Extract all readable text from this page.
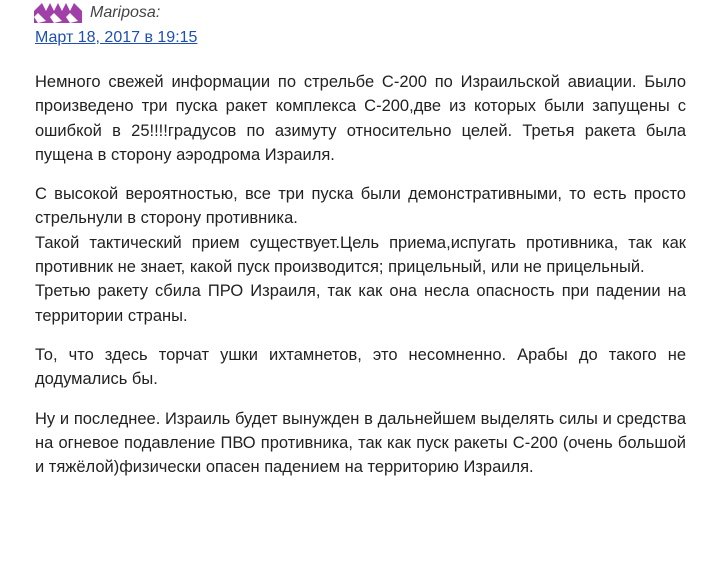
Mariposa :
Март 18, 2017 в 19:15

Немного свежей информации по стрельбе С-200 по Израильской авиации. Было произведено три пуска ракет комплекса С-200,две из которых были запущены с ошибкой в 25!!!!градусов по азимуту относительно целей. Третья ракета была пущена в сторону аэродрома Израиля.

С высокой вероятностью, все три пуска были демонстративными, то есть просто стрельнули в сторону противника.
Такой тактический прием существует.Цель приема,испугать противника, так как противник не знает, какой пуск производится; прицельный, или не прицельный.
Третью ракету сбила ПРО Израиля, так как она несла опасность при падении на территории страны.

То, что здесь торчат ушки ихтамнетов, это несомненно. Арабы до такого не додумались бы.

Ну и последнее. Израиль будет вынужден в дальнейшем выделять силы и средства на огневое подавление ПВО противника, так как пуск ракеты С-200 (очень большой и тяжёлой)физически опасен падением на территорию Израиля.
